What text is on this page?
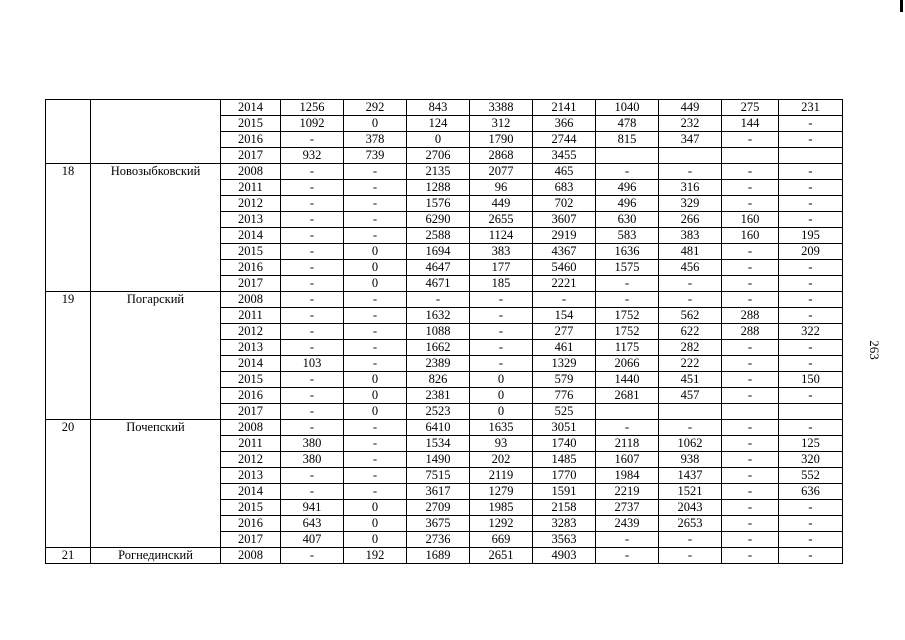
263
		2014	1256	292	843	3388	2141	1040	449	275	231
		2015	1092	0	124	312	366	478	232	144	-
		2016	-	378	0	1790	2744	815	347	-	-
		2017	932	739	2706	2868	3455				
18	Новозыбковский	2008	-	-	2135	2077	465	-	-	-	-
		2011	-	-	1288	96	683	496	316	-	-
		2012	-	-	1576	449	702	496	329	-	-
		2013	-	-	6290	2655	3607	630	266	160	-
		2014	-	-	2588	1124	2919	583	383	160	195
		2015	-	0	1694	383	4367	1636	481	-	209
		2016	-	0	4647	177	5460	1575	456	-	-
		2017	-	0	4671	185	2221	-	-	-	-
19	Погарский	2008	-	-	-	-	-	-	-	-	-
		2011	-	-	1632	-	154	1752	562	288	-
		2012	-	-	1088	-	277	1752	622	288	322
		2013	-	-	1662	-	461	1175	282	-	-
		2014	103	-	2389	-	1329	2066	222	-	-
		2015	-	0	826	0	579	1440	451	-	150
		2016	-	0	2381	0	776	2681	457	-	-
		2017	-	0	2523	0	525				
20	Почепский	2008	-	-	6410	1635	3051	-	-	-	-
		2011	380	-	1534	93	1740	2118	1062	-	125
		2012	380	-	1490	202	1485	1607	938	-	320
		2013	-	-	7515	2119	1770	1984	1437	-	552
		2014	-	-	3617	1279	1591	2219	1521	-	636
		2015	941	0	2709	1985	2158	2737	2043	-	-
		2016	643	0	3675	1292	3283	2439	2653	-	-
		2017	407	0	2736	669	3563	-	-	-	-
21	Рогнединский	2008	-	192	1689	2651	4903	-	-	-	-
